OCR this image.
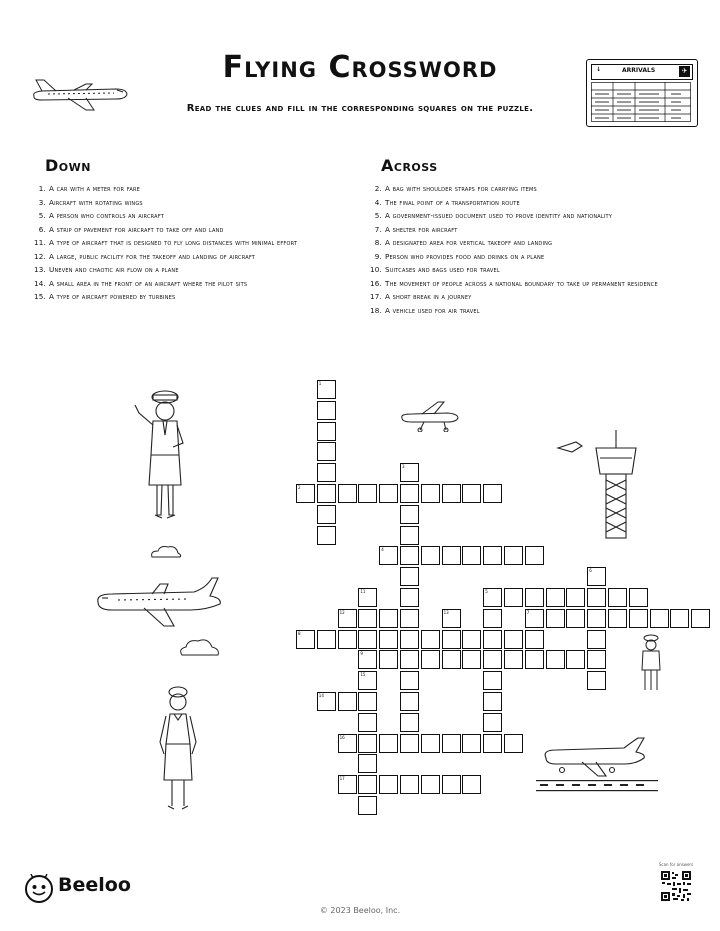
Flying Crossword
Read the clues and fill in the corresponding squares on the puzzle.
↓	ARRIVALS	✈
Down
1. A car with a meter for fare
3. Aircraft with rotating wings
5. A person who controls an aircraft
6. A strip of pavement for aircraft to take off and land
11. A type of aircraft that is designed to fly long distances with minimal effort
12. A large, public facility for the takeoff and landing of aircraft
13. Uneven and chaotic air flow on a plane
14. A small area in the front of an aircraft where the pilot sits
15. A type of aircraft powered by turbines
Across
2. A bag with shoulder straps for carrying items
4. The final point of a transportation route
5. A government-issued document used to prove identity and nationality
7. A shelter for aircraft
8. A designated area for vertical takeoff and landing
9. Person who provides food and drinks on a plane
10. Suitcases and bags used for travel
16. The movement of people across a national boundary to take up permanent residence
17. A short break in a journey
18. A vehicle used for air travel
1
2
3
4
5
12
11
9
8
7
13
6
14
15
16
17
Beeloo
© 2023 Beeloo, Inc.
Scan for answers
